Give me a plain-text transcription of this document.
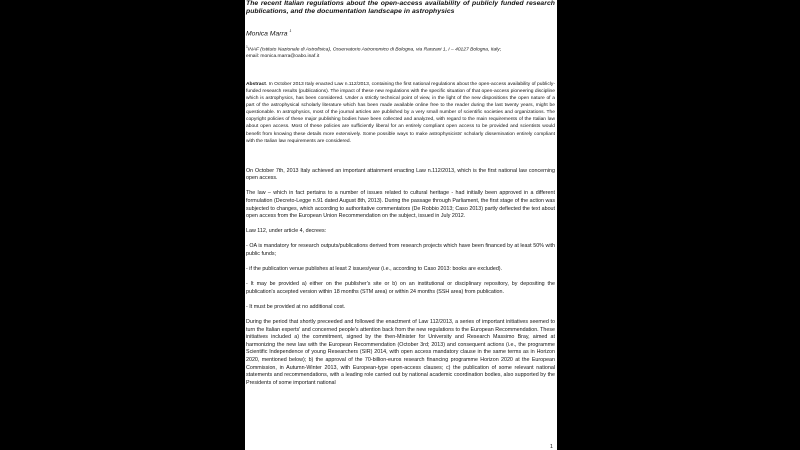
The recent Italian regulations about the open-access availability of publicly funded research publications, and the documentation landscape in astrophysics
Monica Marra $^1$
$^1$INAF (Istituto Nazionale di Astrofisica), Osservatorio Astronomico di Bologna, via Ranzani 1, I – 40127 Bologna, Italy;
email: monica.marra@oabo.inaf.it
Abstract. In October 2013 Italy enacted Law n.112/2013, containing the first national regulations about the open-access availability of publicly-funded research results (publications). The impact of these new regulations with the specific situation of that open-access pioneering discipline which is astrophysics, has been considered. Under a strictly technical point of view, in the light of the new dispositions the open nature of a part of the astrophysical scholarly literature which has been made available online free to the reader during the last twenty years, might be questionable. In astrophysics, most of the journal articles are published by a very small number of scientific societies and organizations. The copyright policies of these major publishing bodies have been collected and analyzed, with regard to the main requirements of the Italian law about open access. Most of these policies are sufficiently liberal for an entirely compliant open access to be provided and scientists would benefit from knowing these details more extensively. Some possible ways to make astrophysicists' scholarly dissemination entirely compliant with the Italian law requirements are considered.

On October 7th, 2013 Italy achieved an important attainment enacting Law n.112/2013, which is the first national law concerning open access.

The law – which in fact pertains to a number of issues related to cultural heritage - had initially been approved in a different formulation (Decreto-Legge n.91 dated August 8th, 2013). During the passage through Parliament, the first stage of the action was subjected to changes, which according to authoritative commentators (De Robbio 2013; Caso 2013) partly deflected the text about open access from the European Union Recommendation on the subject, issued in July 2012.

Law 112, under article 4, decrees:

- OA is mandatory for research outputs/publications derived from research projects which have been financed by at least 50% with public funds;

- if the publication venue publishes at least 2 issues/year (i.e., according to Caso 2013: books are excluded).

- It may be provided a) either on the publisher's site or b) on an institutional or disciplinary repository, by depositing the publication's accepted version within 18 months (STM area) or within 24 months (SSH area) from publication.

- It must be provided at no additional cost.

During the period that shortly preceeded and followed the enactment of Law 112/2013, a series of important initiatives seemed to turn the Italian experts' and concerned people's attention back from the new regulations to the European Recommendation. These initiatives included a) the commitment, signed by the then-Minister for University and Research Massimo Bray, aimed at harmonizing the new law with the European Recommendation (October 3rd; 2013) and consequent actions (i.e., the programme Scientific Independence of young Researchers (SIR) 2014, with open access mandatory clause in the same terms as in Horizon 2020, mentioned below); b) the approval of the 70-billion-euros research financing programme Horizon 2020 at the European Commission, in Autumn-Winter 2013, with European-type open-access clauses; c) the publication of some relevant national statements and recommendations, with a leading role carried out by national academic coordination bodies, also supported by the Presidents of some important national

1
